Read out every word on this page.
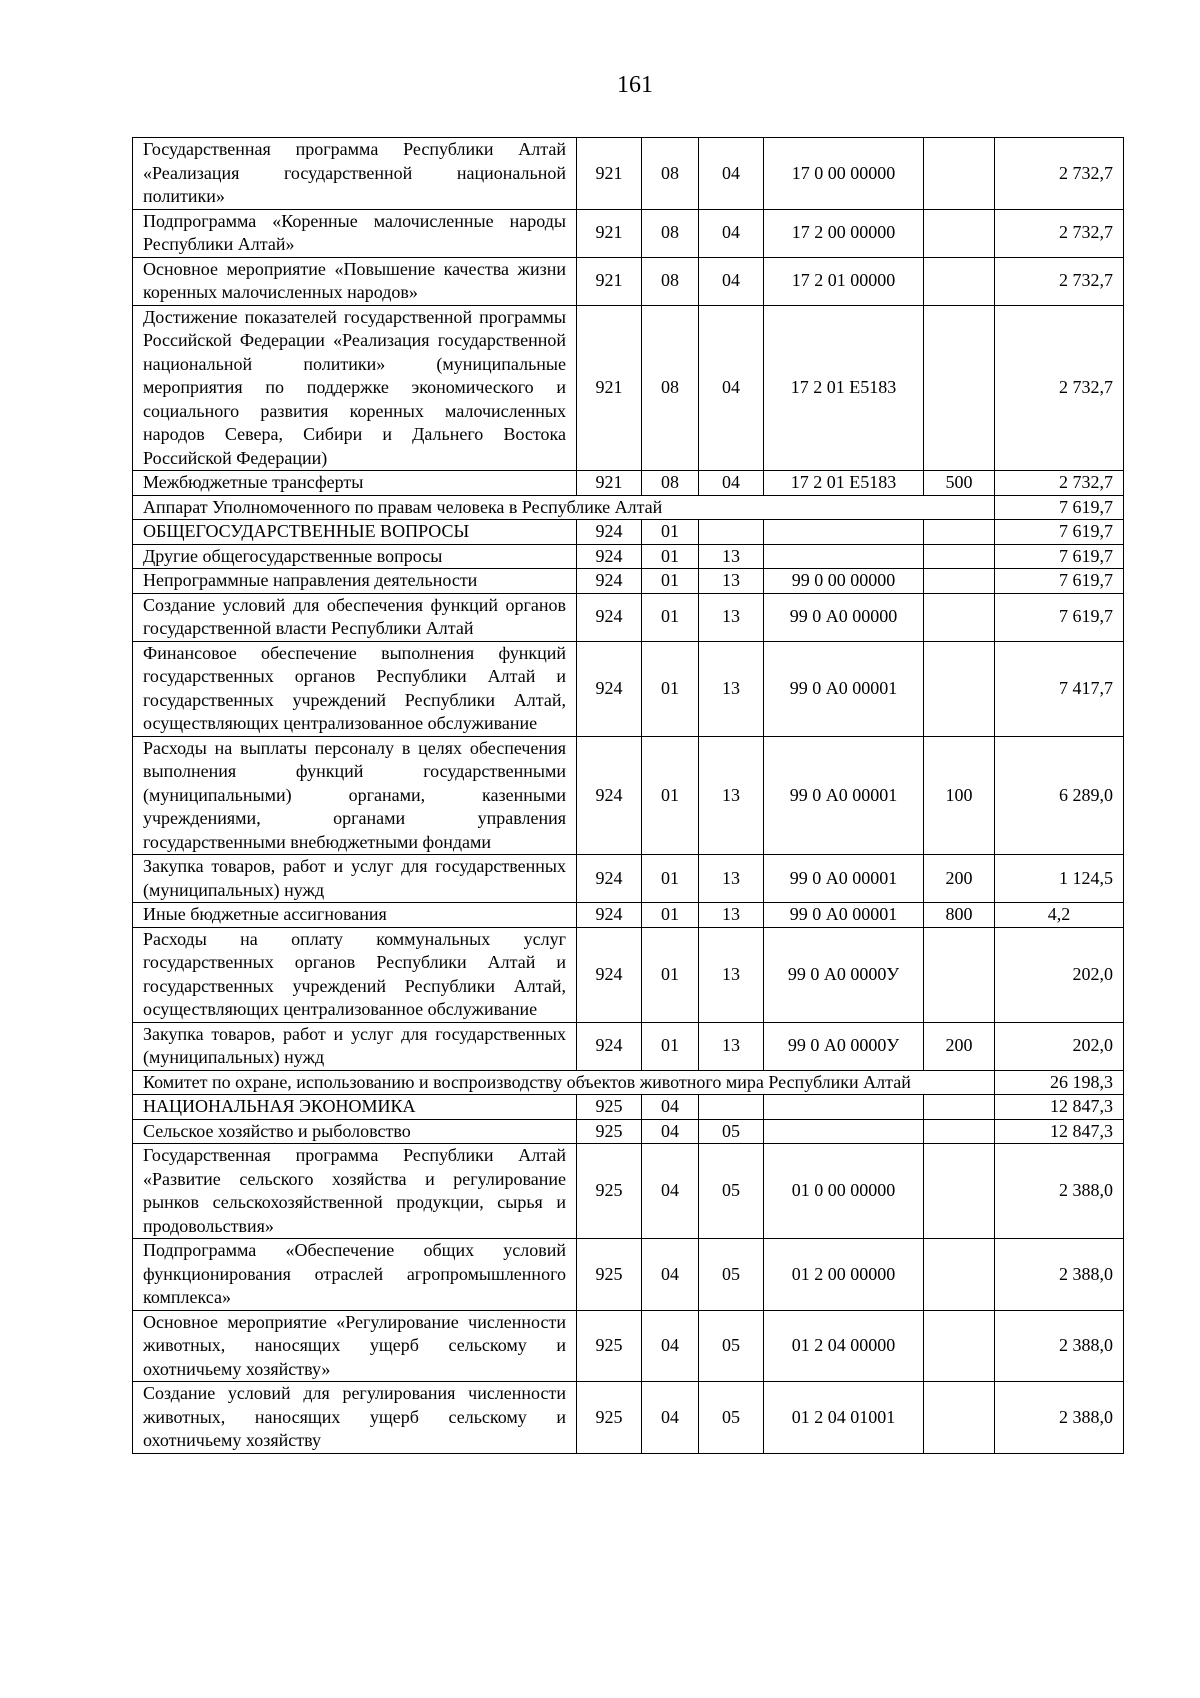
161
Государственная программа Республики Алтай «Реализация государственной национальной политики»	921	08	04	17 0 00 00000		2 732,7
Подпрограмма «Коренные малочисленные народы Республики Алтай»	921	08	04	17 2 00 00000		2 732,7
Основное мероприятие «Повышение качества жизни коренных малочисленных народов»	921	08	04	17 2 01 00000		2 732,7
Достижение показателей государственной программы Российской Федерации «Реализация государственной национальной политики» (муниципальные мероприятия по поддержке экономического и социального развития коренных малочисленных народов Севера, Сибири и Дальнего Востока Российской Федерации)	921	08	04	17 2 01 Е5183		2 732,7
Межбюджетные трансферты	921	08	04	17 2 01 Е5183	500	2 732,7
Аппарат Уполномоченного по правам человека в Республике Алтай						7 619,7
ОБЩЕГОСУДАРСТВЕННЫЕ ВОПРОСЫ	924	01				7 619,7
Другие общегосударственные вопросы	924	01	13			7 619,7
Непрограммные направления деятельности	924	01	13	99 0 00 00000		7 619,7
Создание условий для обеспечения функций органов государственной власти Республики Алтай	924	01	13	99 0 А0 00000		7 619,7
Финансовое обеспечение выполнения функций государственных органов Республики Алтай и государственных учреждений Республики Алтай, осуществляющих централизованное обслуживание	924	01	13	99 0 А0 00001		7 417,7
Расходы на выплаты персоналу в целях обеспечения выполнения функций государственными (муниципальными) органами, казенными учреждениями, органами управления государственными внебюджетными фондами	924	01	13	99 0 А0 00001	100	6 289,0
Закупка товаров, работ и услуг для государственных (муниципальных) нужд	924	01	13	99 0 А0 00001	200	1 124,5
Иные бюджетные ассигнования	924	01	13	99 0 А0 00001	800	4,2
Расходы на оплату коммунальных услуг государственных органов Республики Алтай и государственных учреждений Республики Алтай, осуществляющих централизованное обслуживание	924	01	13	99 0 А0 0000У		202,0
Закупка товаров, работ и услуг для государственных (муниципальных) нужд	924	01	13	99 0 А0 0000У	200	202,0
Комитет по охране, использованию и воспроизводству объектов животного мира Республики Алтай						26 198,3
НАЦИОНАЛЬНАЯ ЭКОНОМИКА	925	04				12 847,3
Сельское хозяйство и рыболовство	925	04	05			12 847,3
Государственная программа Республики Алтай «Развитие сельского хозяйства и регулирование рынков сельскохозяйственной продукции, сырья и продовольствия»	925	04	05	01 0 00 00000		2 388,0
Подпрограмма «Обеспечение общих условий функционирования отраслей агропромышленного комплекса»	925	04	05	01 2 00 00000		2 388,0
Основное мероприятие «Регулирование численности животных, наносящих ущерб сельскому и охотничьему хозяйству»	925	04	05	01 2 04 00000		2 388,0
Создание условий для регулирования численности животных, наносящих ущерб сельскому и охотничьему хозяйству	925	04	05	01 2 04 01001		2 388,0
